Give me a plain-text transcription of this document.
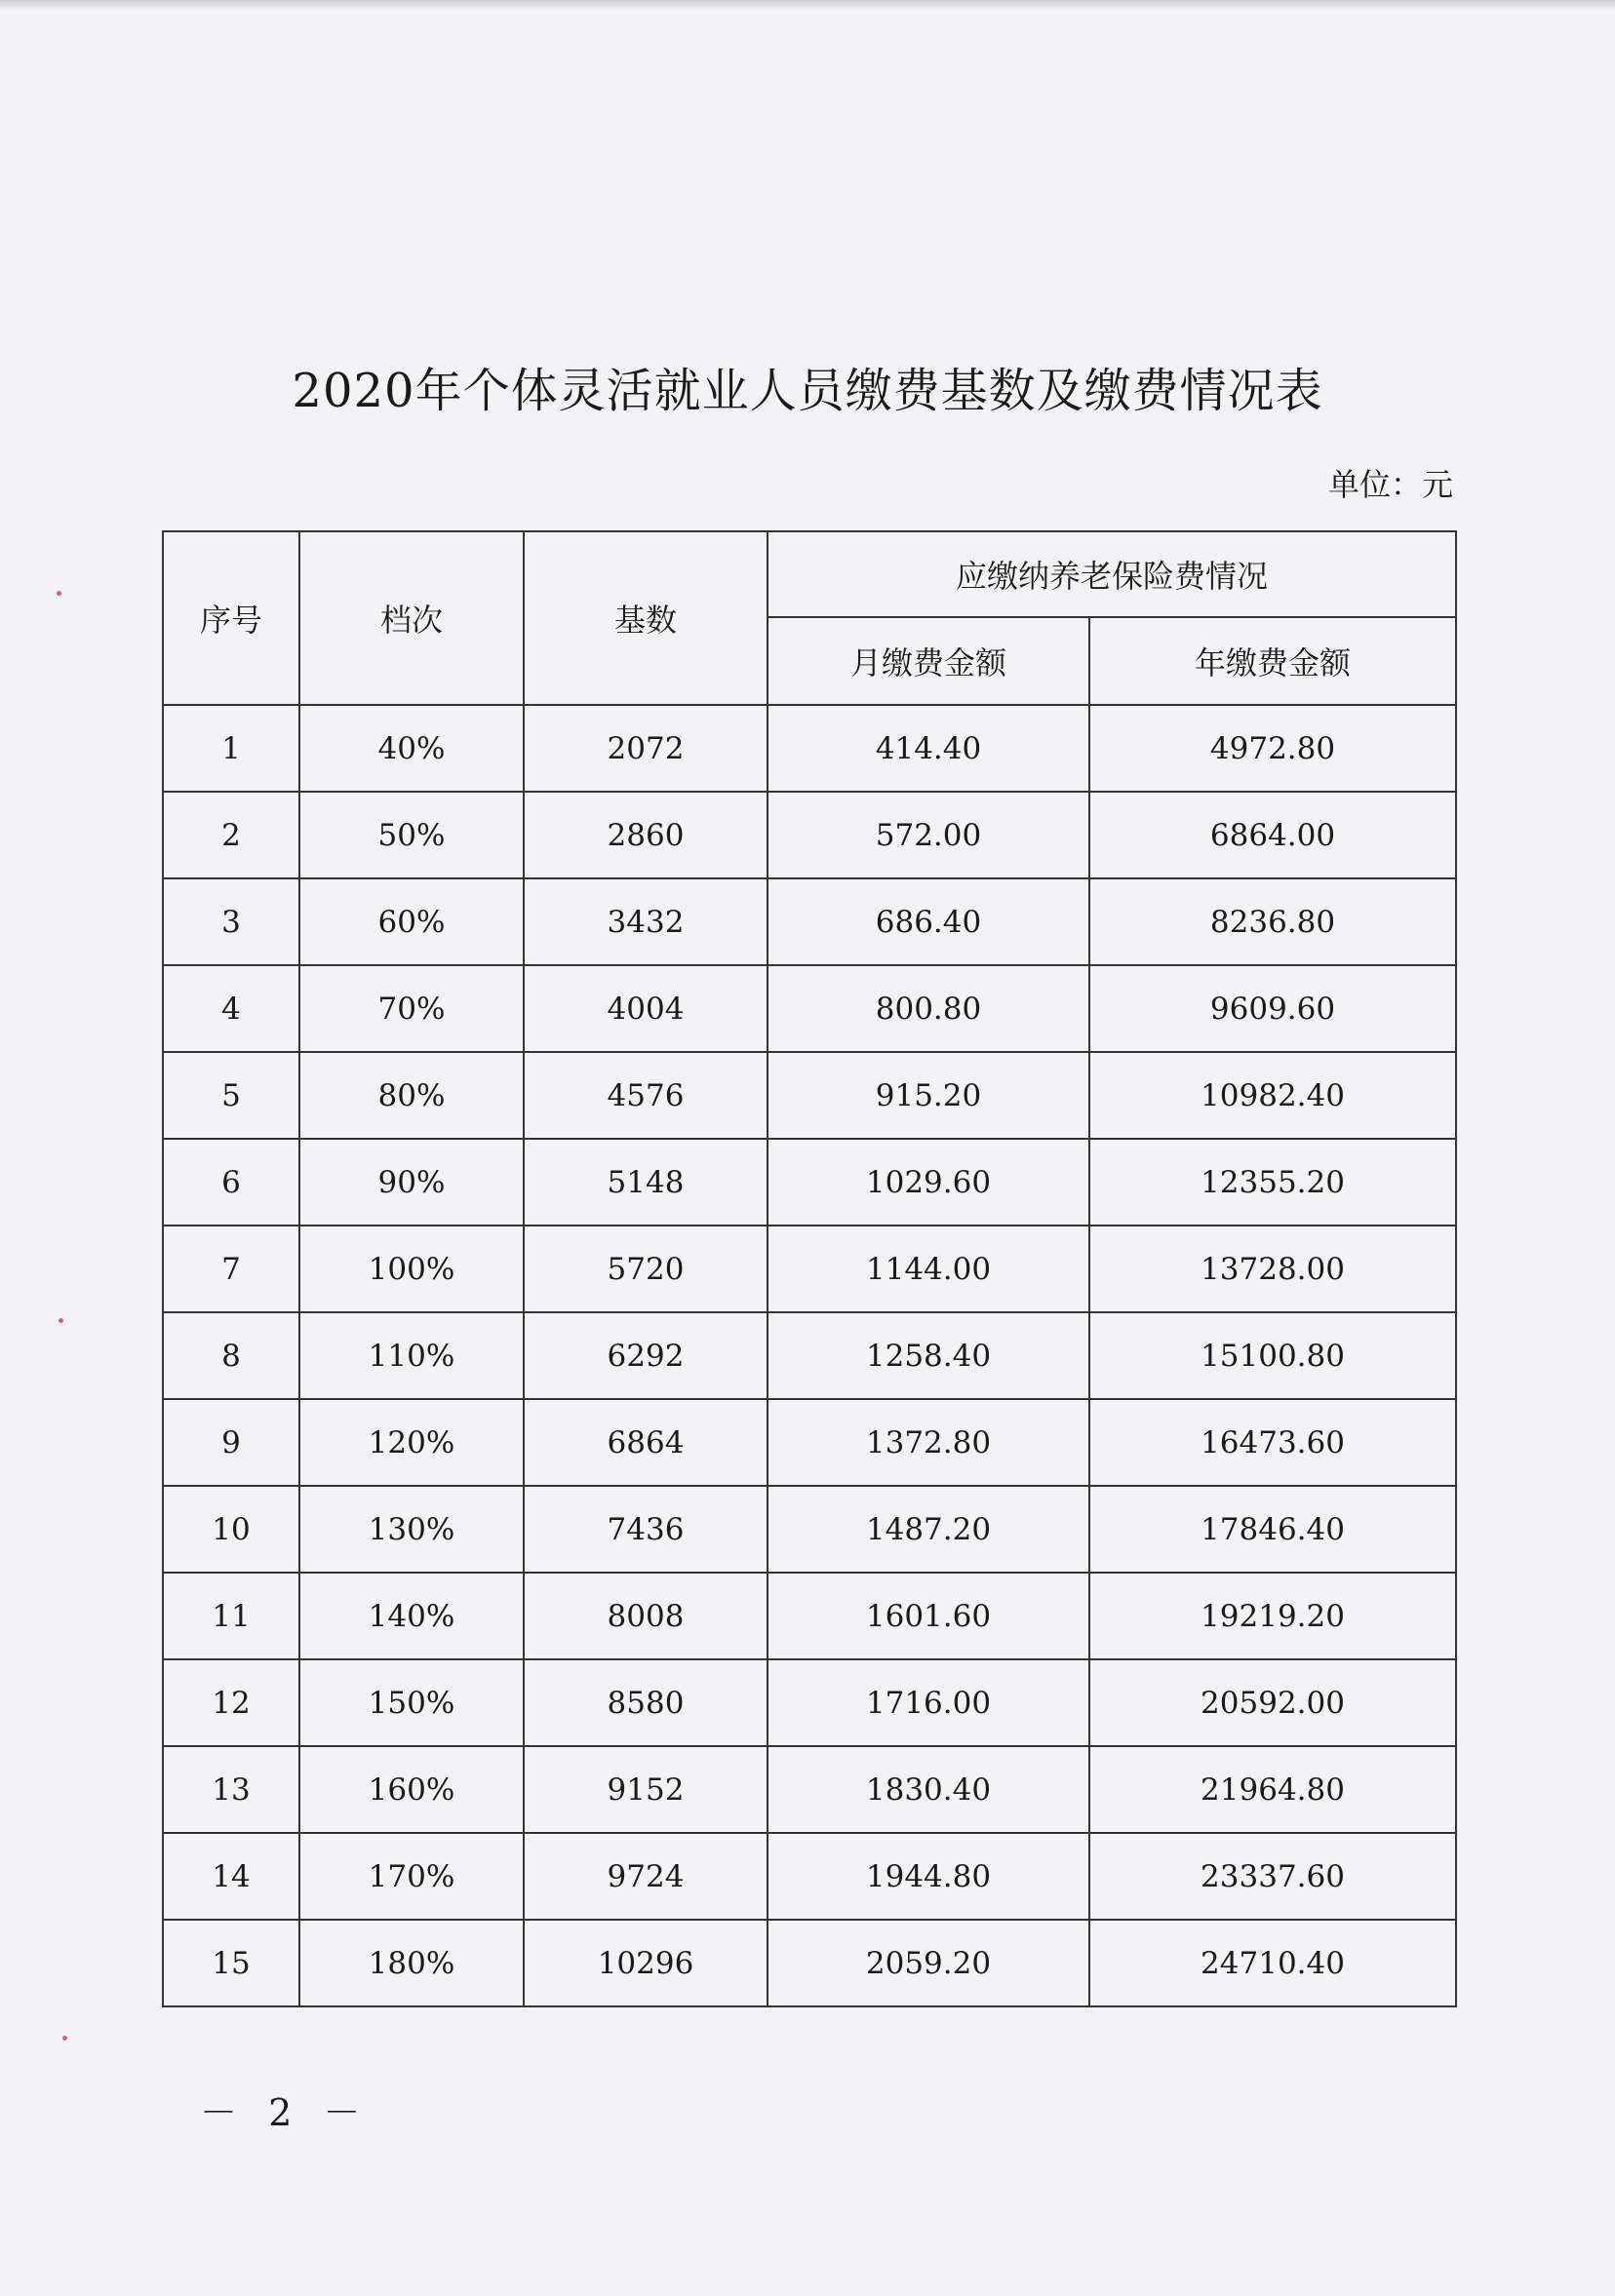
2020年个体灵活就业人员缴费基数及缴费情况表
单位：元
序号	档次	基数	应缴纳养老保险费情况	
			月缴费金额	年缴费金额
1	40%	2072	414.40	4972.80
2	50%	2860	572.00	6864.00
3	60%	3432	686.40	8236.80
4	70%	4004	800.80	9609.60
5	80%	4576	915.20	10982.40
6	90%	5148	1029.60	12355.20
7	100%	5720	1144.00	13728.00
8	110%	6292	1258.40	15100.80
9	120%	6864	1372.80	16473.60
10	130%	7436	1487.20	17846.40
11	140%	8008	1601.60	19219.20
12	150%	8580	1716.00	20592.00
13	160%	9152	1830.40	21964.80
14	170%	9724	1944.80	23337.60
15	180%	10296	2059.20	24710.40
－ 2 －
